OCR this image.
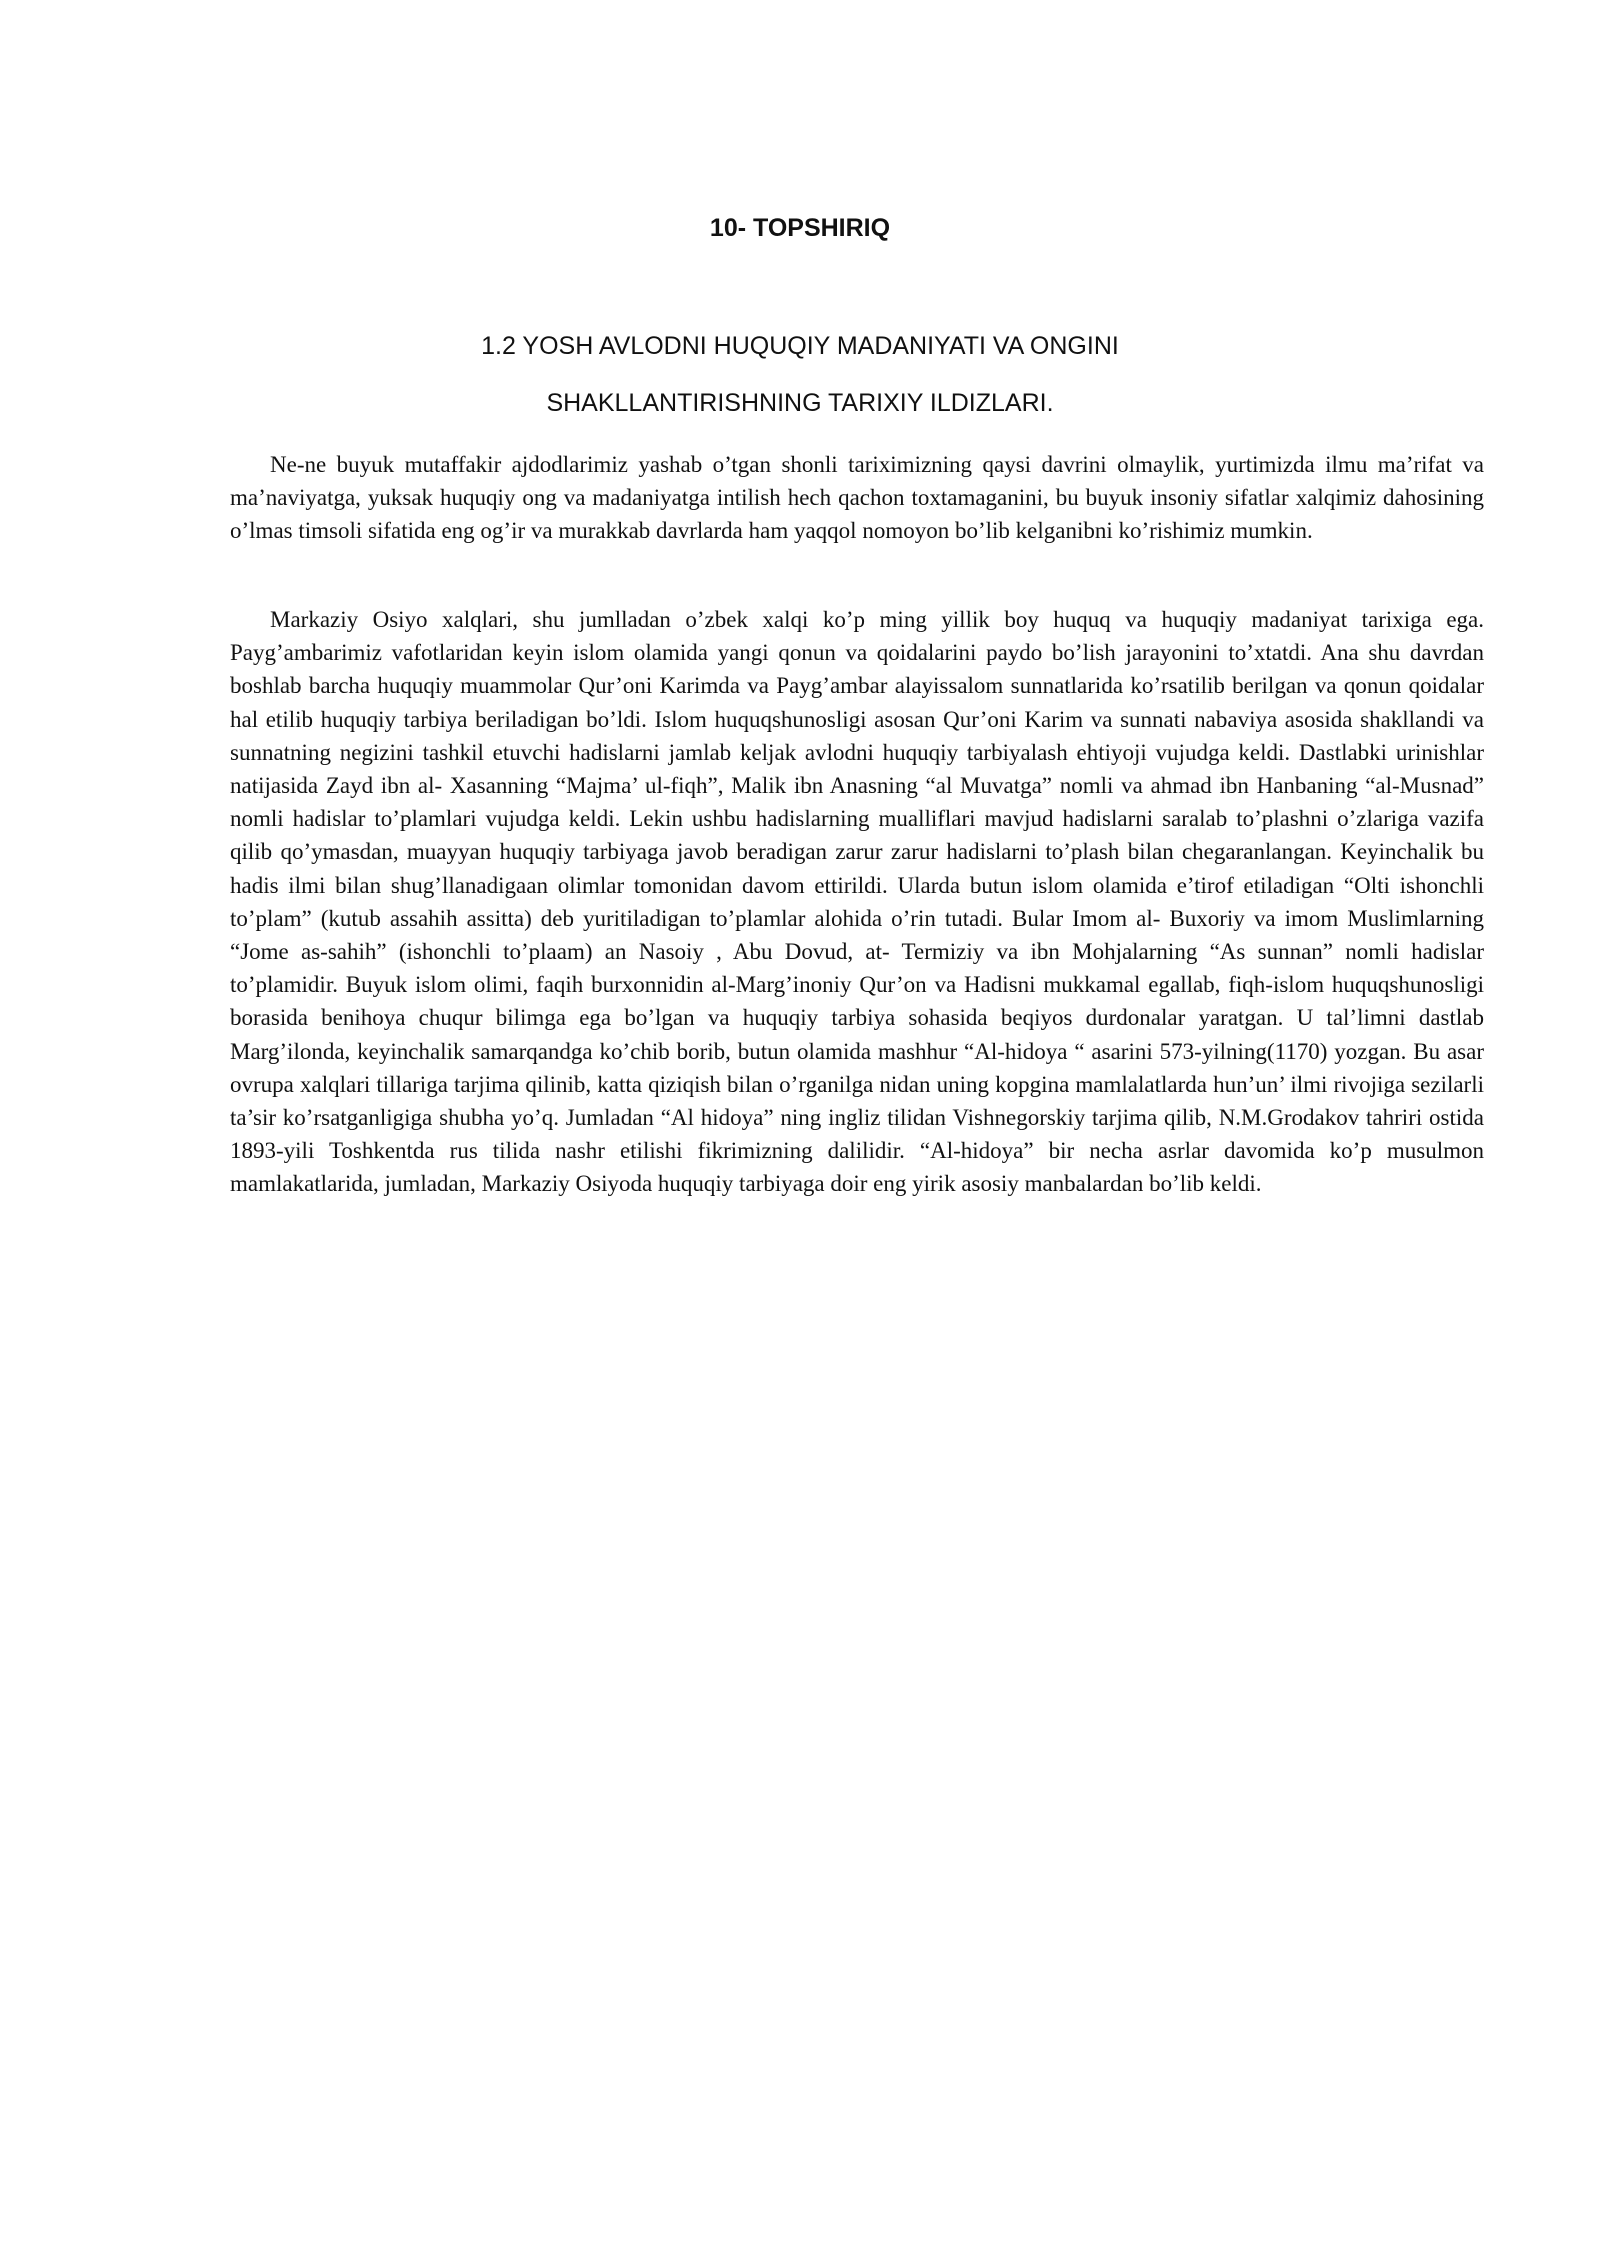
10- TOPSHIRIQ
1.2 YOSH AVLODNI HUQUQIY MADANIYATI VA ONGINI
SHAKLLANTIRISHNING TARIXIY ILDIZLARI.

Ne-ne buyuk mutaffakir ajdodlarimiz yashab o’tgan shonli tariximizning qaysi davrini olmaylik, yurtimizda ilmu ma’rifat va ma’naviyatga, yuksak huquqiy ong va madaniyatga intilish hech qachon toxtamaganini, bu buyuk insoniy sifatlar xalqimiz dahosining o’lmas timsoli sifatida eng og’ir va murakkab davrlarda ham yaqqol nomoyon bo’lib kelganibni ko’rishimiz mumkin.

Markaziy Osiyo xalqlari, shu jumlladan o’zbek xalqi ko’p ming yillik boy huquq va huquqiy madaniyat tarixiga ega. Payg’ambarimiz vafotlaridan keyin islom olamida yangi qonun va qoidalarini paydo bo’lish jarayonini to’xtatdi. Ana shu davrdan boshlab barcha huquqiy muammolar Qur’oni Karimda va Payg’ambar alayissalom sunnatlarida ko’rsatilib berilgan va qonun qoidalar hal etilib huquqiy tarbiya beriladigan bo’ldi. Islom huquqshunosligi asosan Qur’oni Karim va sunnati nabaviya asosida shakllandi va sunnatning negizini tashkil etuvchi hadislarni jamlab keljak avlodni huquqiy tarbiyalash ehtiyoji vujudga keldi. Dastlabki urinishlar natijasida Zayd ibn al- Xasanning “Majma’ ul-fiqh”, Malik ibn Anasning “al Muvatga” nomli va ahmad ibn Hanbaning “al-Musnad” nomli hadislar to’plamlari vujudga keldi. Lekin ushbu hadislarning mualliflari mavjud hadislarni saralab to’plashni o’zlariga vazifa qilib qo’ymasdan, muayyan huquqiy tarbiyaga javob beradigan zarur zarur hadislarni to’plash bilan chegaranlangan. Keyinchalik bu hadis ilmi bilan shug’llanadigaan olimlar tomonidan davom ettirildi. Ularda butun islom olamida e’tirof etiladigan “Olti ishonchli to’plam” (kutub assahih assitta) deb yuritiladigan to’plamlar alohida o’rin tutadi. Bular Imom al- Buxoriy va imom Muslimlarning “Jome as-sahih” (ishonchli to’plaam) an Nasoiy , Abu Dovud, at- Termiziy va ibn Mohjalarning “As sunnan” nomli hadislar to’plamidir. Buyuk islom olimi, faqih burxonnidin al-Marg’inoniy Qur’on va Hadisni mukkamal egallab, fiqh-islom huquqshunosligi borasida benihoya chuqur bilimga ega bo’lgan va huquqiy tarbiya sohasida beqiyos durdonalar yaratgan. U tal’limni dastlab Marg’ilonda, keyinchalik samarqandga ko’chib borib, butun olamida mashhur “Al-hidoya “ asarini 573-yilning(1170) yozgan. Bu asar ovrupa xalqlari tillariga tarjima qilinib, katta qiziqish bilan o’rganilga nidan uning kopgina mamlalatlarda hun’un’ ilmi rivojiga sezilarli ta’sir ko’rsatganligiga shubha yo’q. Jumladan “Al hidoya” ning ingliz tilidan Vishnegorskiy tarjima qilib, N.M.Grodakov tahriri ostida 1893-yili Toshkentda rus tilida nashr etilishi fikrimizning dalilidir. “Al-hidoya” bir necha asrlar davomida ko’p musulmon mamlakatlarida, jumladan, Markaziy Osiyoda huquqiy tarbiyaga doir eng yirik asosiy manbalardan bo’lib keldi.
